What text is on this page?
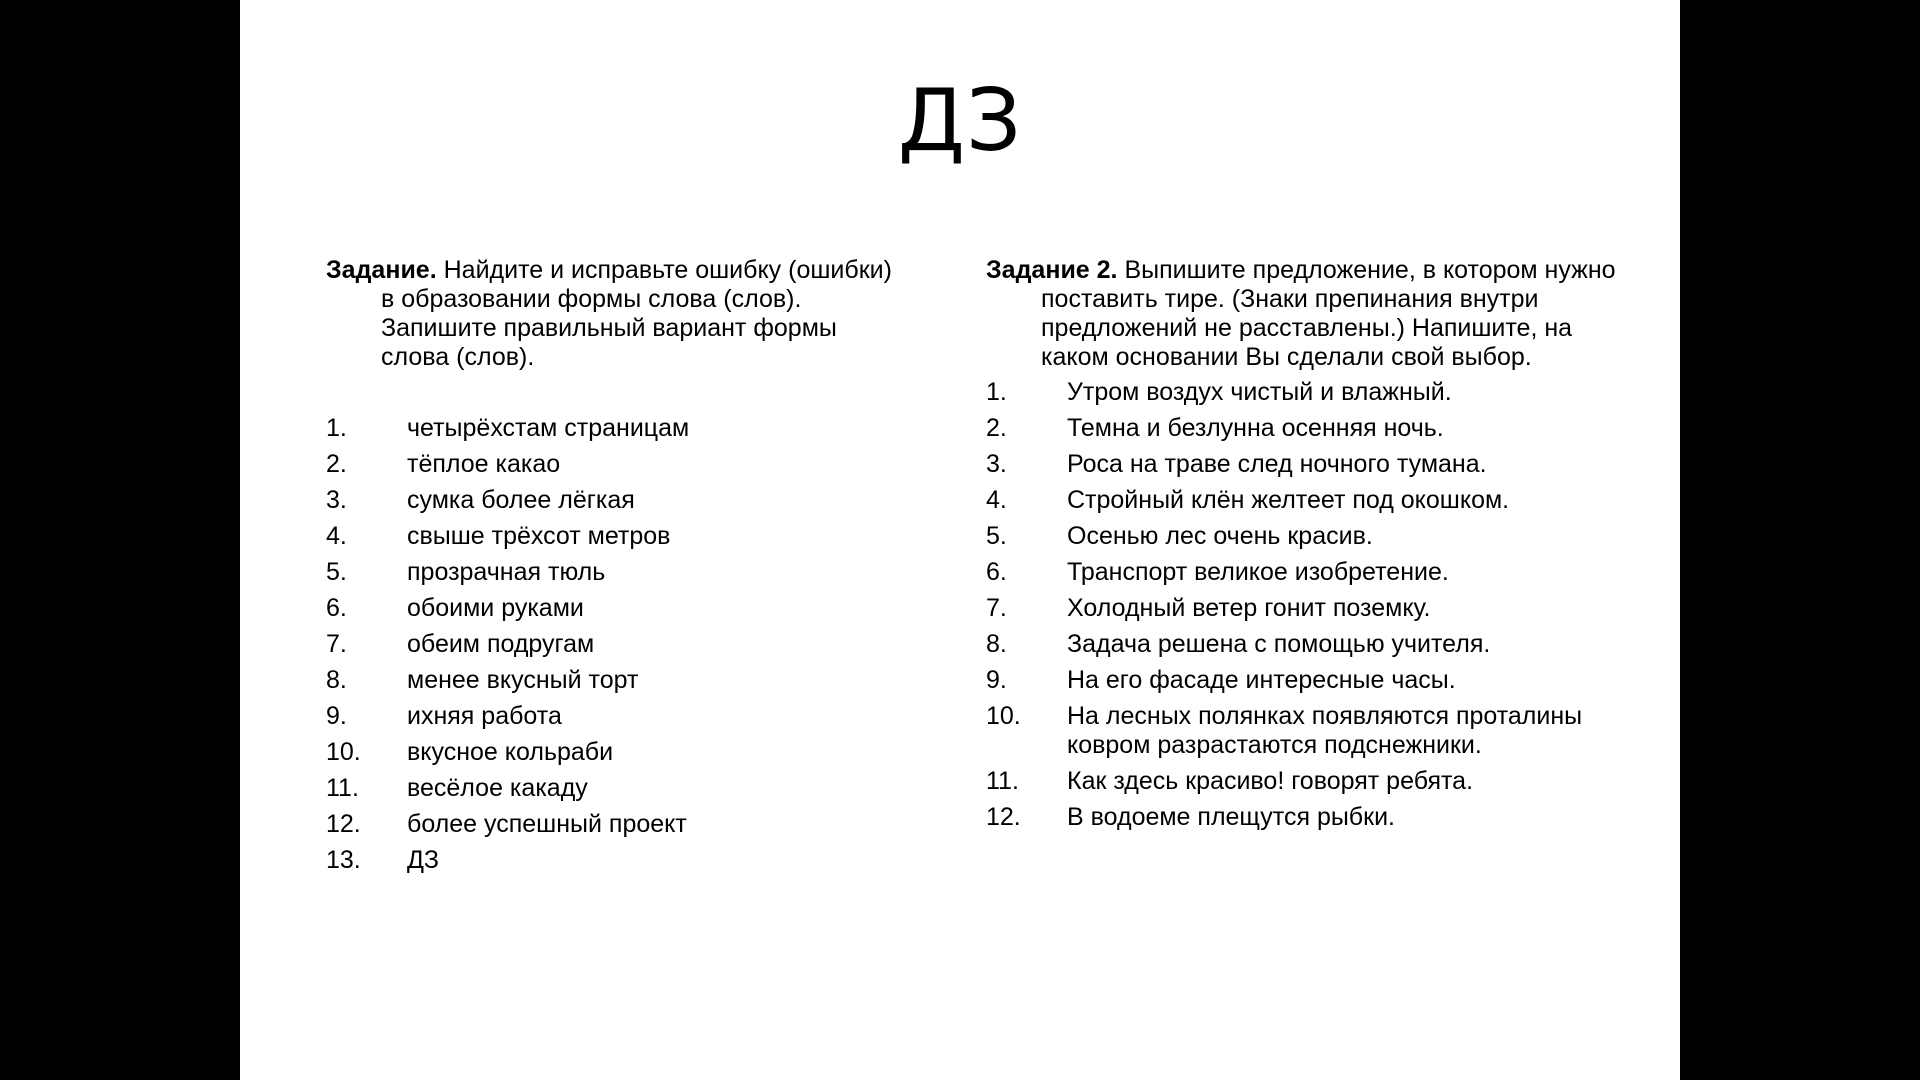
ДЗ

Задание. Найдите и исправьте ошибку (ошибки) в образовании формы слова (слов). Запишите правильный вариант формы слова (слов).

1. четырёхстам страницам
2. тёплое какао
3. сумка более лёгкая
4. свыше трёхсот метров
5. прозрачная тюль
6. обоими руками
7. обеим подругам
8. менее вкусный торт
9. ихняя работа
10. вкусное кольраби
11. весёлое какаду
12. более успешный проект
13. ДЗ

Задание 2. Выпишите предложение, в котором нужно поставить тире. (Знаки препинания внутри предложений не расставлены.) Напишите, на каком основании Вы сделали свой выбор.

1. Утром воздух чистый и влажный.
2. Темна и безлунна осенняя ночь.
3. Роса на траве след ночного тумана.
4. Стройный клён желтеет под окошком.
5. Осенью лес очень красив.
6. Транспорт великое изобретение.
7. Холодный ветер гонит поземку.
8. Задача решена с помощью учителя.
9. На его фасаде интересные часы.
10. На лесных полянках появляются проталины ковром разрастаются подснежники.
11. Как здесь красиво! говорят ребята.
12. В водоеме плещутся рыбки.
